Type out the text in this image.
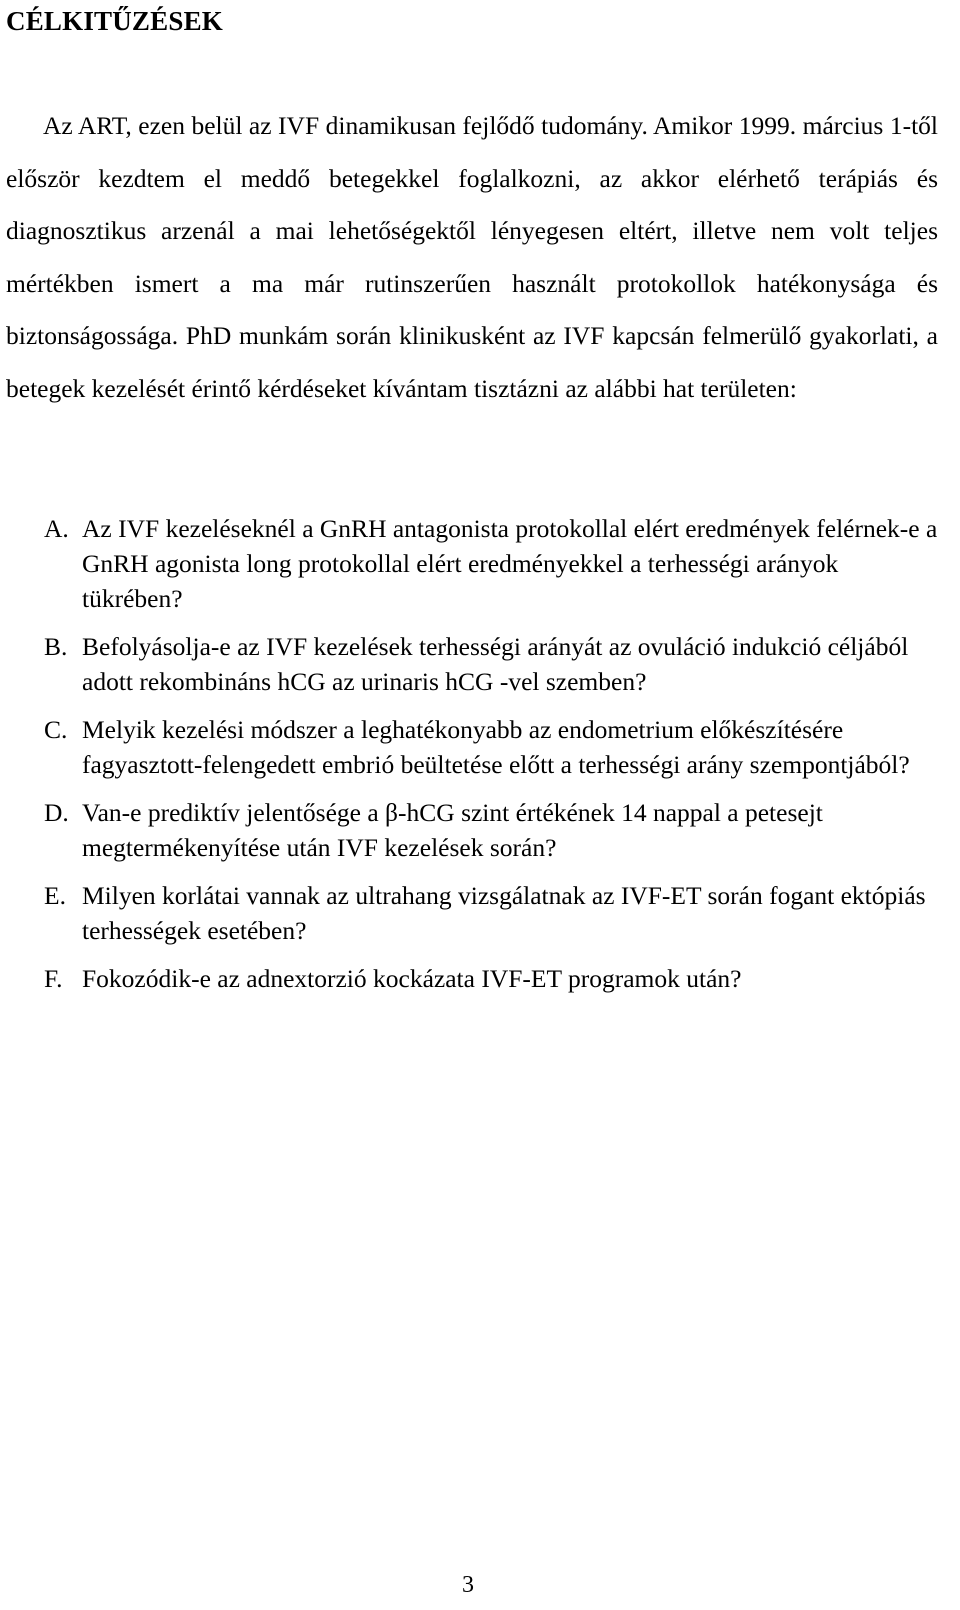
CÉLKITŰZÉSEK

Az ART, ezen belül az IVF dinamikusan fejlődő tudomány. Amikor 1999. március 1-től először kezdtem el meddő betegekkel foglalkozni, az akkor elérhető terápiás és diagnosztikus arzenál a mai lehetőségektől lényegesen eltért, illetve nem volt teljes mértékben ismert a ma már rutinszerűen használt protokollok hatékonysága és biztonságossága. PhD munkám során klinikusként az IVF kapcsán felmerülő gyakorlati, a betegek kezelését érintő kérdéseket kívántam tisztázni az alábbi hat területen:

A. Az IVF kezeléseknél a GnRH antagonista protokollal elért eredmények felérnek-e a GnRH agonista long protokollal elért eredményekkel a terhességi arányok tükrében?
B. Befolyásolja-e az IVF kezelések terhességi arányát az ovuláció indukció céljából adott rekombináns hCG az urinaris hCG -vel szemben?
C. Melyik kezelési módszer a leghatékonyabb az endometrium előkészítésére fagyasztott-felengedett embrió beültetése előtt a terhességi arány szempontjából?
D. Van-e prediktív jelentősége a β-hCG szint értékének 14 nappal a petesejt megtermékenyítése után IVF kezelések során?
E. Milyen korlátai vannak az ultrahang vizsgálatnak az IVF-ET során fogant ektópiás terhességek esetében?
F. Fokozódik-e az adnextorzió kockázata IVF-ET programok után?
3
